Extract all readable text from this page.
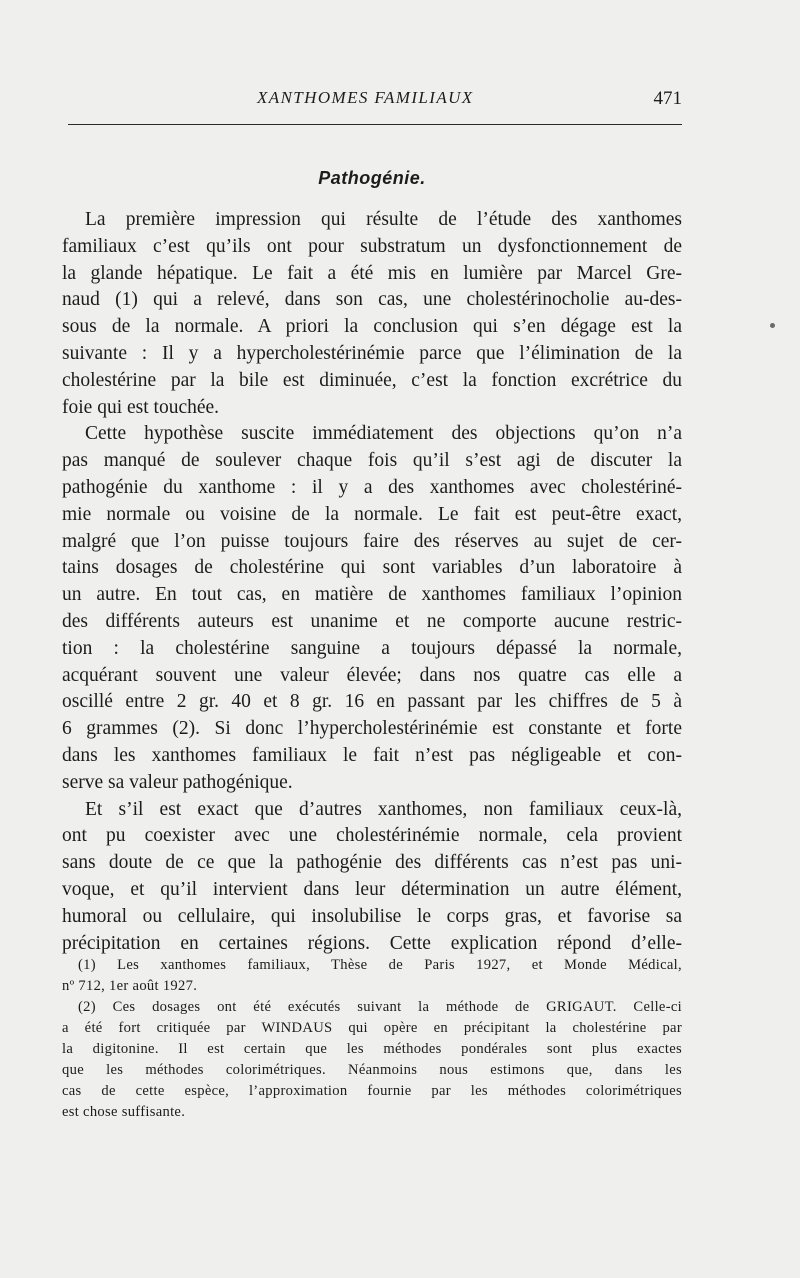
XANTHOMES FAMILIAUX	471
Pathogénie.
La première impression qui résulte de l’étude des xanthomes
familiaux c’est qu’ils ont pour substratum un dysfonctionnement de
la glande hépatique. Le fait a été mis en lumière par Marcel Gre-
naud (1) qui a relevé, dans son cas, une cholestérinocholie au-des-
sous de la normale. A priori la conclusion qui s’en dégage est la
suivante : Il y a hypercholestérinémie parce que l’élimination de la
cholestérine par la bile est diminuée, c’est la fonction excrétrice du
foie qui est touchée.
Cette hypothèse suscite immédiatement des objections qu’on n’a
pas manqué de soulever chaque fois qu’il s’est agi de discuter la
pathogénie du xanthome : il y a des xanthomes avec cholestériné-
mie normale ou voisine de la normale. Le fait est peut-être exact,
malgré que l’on puisse toujours faire des réserves au sujet de cer-
tains dosages de cholestérine qui sont variables d’un laboratoire à
un autre. En tout cas, en matière de xanthomes familiaux l’opinion
des différents auteurs est unanime et ne comporte aucune restric-
tion : la cholestérine sanguine a toujours dépassé la normale,
acquérant souvent une valeur élevée; dans nos quatre cas elle a
oscillé entre 2 gr. 40 et 8 gr. 16 en passant par les chiffres de 5 à
6 grammes (2). Si donc l’hypercholestérinémie est constante et forte
dans les xanthomes familiaux le fait n’est pas négligeable et con-
serve sa valeur pathogénique.
Et s’il est exact que d’autres xanthomes, non familiaux ceux-là,
ont pu coexister avec une cholestérinémie normale, cela provient
sans doute de ce que la pathogénie des différents cas n’est pas uni-
voque, et qu’il intervient dans leur détermination un autre élément,
humoral ou cellulaire, qui insolubilise le corps gras, et favorise sa
précipitation en certaines régions. Cette explication répond d’elle-
(1) Les xanthomes familiaux, Thèse de Paris 1927, et Monde Médical,
nº 712, 1er août 1927.
(2) Ces dosages ont été exécutés suivant la méthode de GRIGAUT. Celle-ci
a été fort critiquée par WINDAUS qui opère en précipitant la cholestérine par
la digitonine. Il est certain que les méthodes pondérales sont plus exactes
que les méthodes colorimétriques. Néanmoins nous estimons que, dans les
cas de cette espèce, l’approximation fournie par les méthodes colorimétriques
est chose suffisante.
